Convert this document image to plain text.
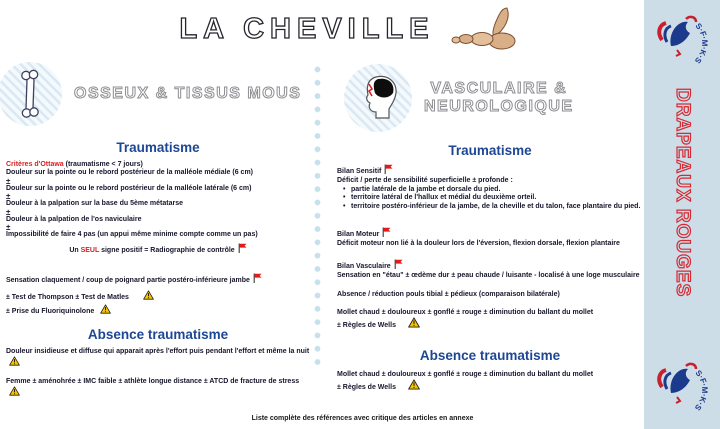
LA CHEVILLE
OSSEUX & TISSUS MOUS	VASCULAIRE &
NEUROLOGIQUE
Traumatisme
Critères d'Ottawa (traumatisme < 7 jours)
Douleur sur la pointe ou le rebord postérieur de la malléole médiale (6 cm)
±
Douleur sur la pointe ou le rebord postérieur de la malléole latérale (6 cm)
±
Douleur à la palpation sur la base du 5ème métatarse
±
Douleur à la palpation de l'os naviculaire
±
Impossibilité de faire 4 pas (un appui même minime compte comme un pas)
Un SEUL signe positif = Radiographie de contrôle
Sensation claquement / coup de poignard partie postéro-inférieure jambe
± Test de Thompson ± Test de Matles
± Prise du Fluoriquinolone
Absence traumatisme
Douleur insidieuse et diffuse qui apparait après l'effort puis pendant l'effort et même la nuit
Femme ± aménohrée ± IMC faible ± athlète longue distance ± ATCD de fracture de stress
Traumatisme
Bilan Sensitif
Déficit / perte de sensibilité superficielle ± profonde :
• partie latérale de la jambe et dorsale du pied.
• territoire latéral de l'hallux et médial du deuxième orteil.
• territoire postéro-inférieur de la jambe, de la cheville et du talon, face plantaire du pied.
Bilan Moteur
Déficit moteur non lié à la douleur lors de l'éversion, flexion dorsale, flexion plantaire
Bilan Vasculaire
Sensation en "étau" ± œdème dur ± peau chaude / luisante - localisé à une loge musculaire
Absence / réduction pouls tibial ± pédieux (comparaison bilatérale)
Mollet chaud ± douloureux ± gonflé ± rouge ± diminution du ballant du mollet
± Règles de Wells
Absence traumatisme
Mollet chaud ± douloureux ± gonflé ± rouge ± diminution du ballant du mollet
± Règles de Wells
S·F·M·K·S
DRAPEAUX ROUGES
S·F·M·K·S
Liste complète des références avec critique des articles en annexe
